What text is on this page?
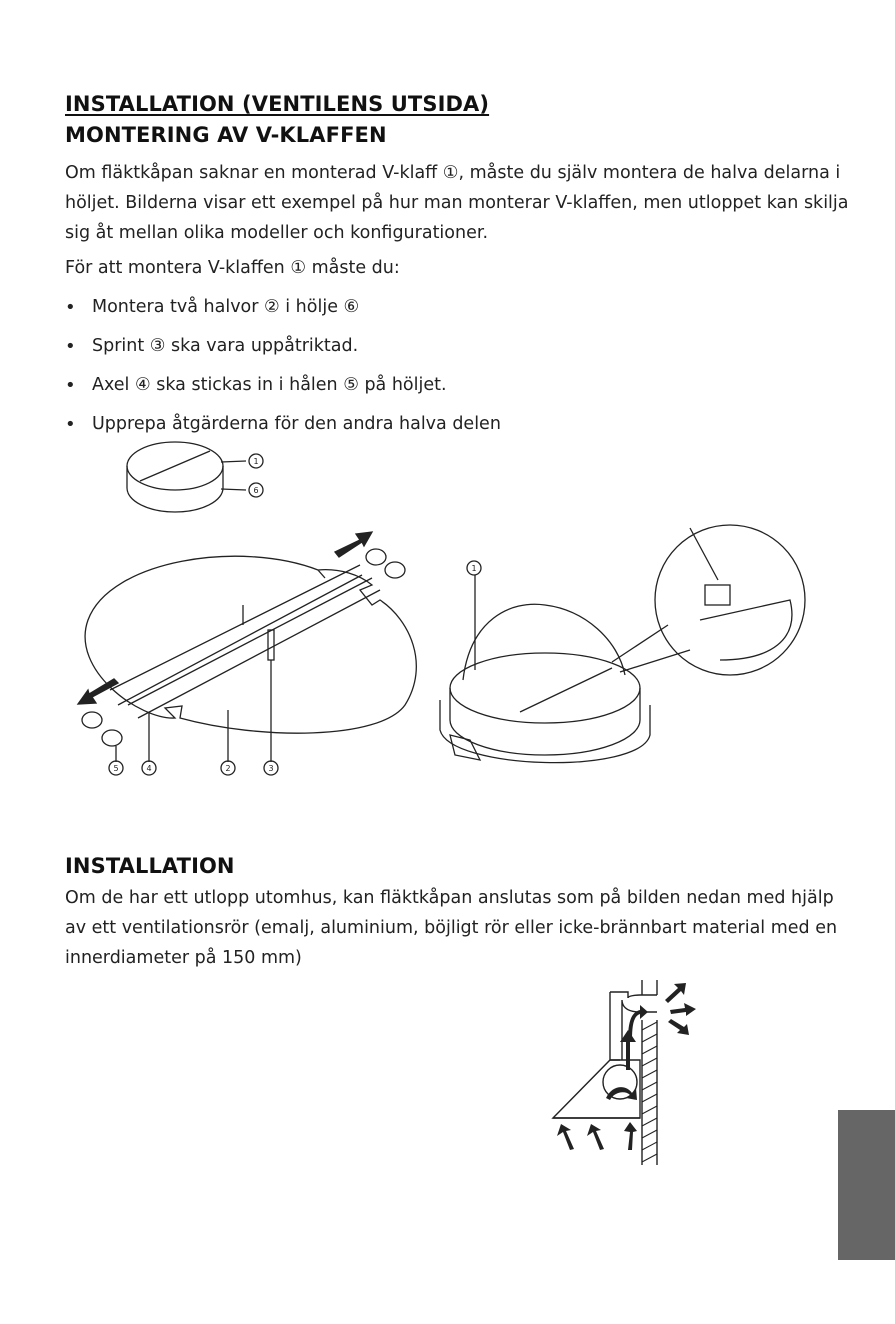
INSTALLATION (VENTILENS UTSIDA)
MONTERING AV V-KLAFFEN

Om fläktkåpan saknar en monterad V-klaff ①, måste du själv montera de halva delarna i höljet. Bilderna visar ett exempel på hur man monterar V-klaffen, men utloppet kan skilja sig åt mellan olika modeller och konfigurationer.

För att montera V-klaffen ① måste du:

• Montera två halvor ② i hölje ⑥
• Sprint ③ ska vara uppåtriktad.
• Axel ④ ska stickas in i hålen ⑤ på höljet.
• Upprepa åtgärderna för den andra halva delen
1
6
5	4	2	3
1
INSTALLATION

Om de har ett utlopp utomhus, kan fläktkåpan anslutas som på bilden nedan med hjälp av ett ventilationsrör (emalj, aluminium, böjligt rör eller icke-brännbart material med en innerdiameter på 150 mm)
